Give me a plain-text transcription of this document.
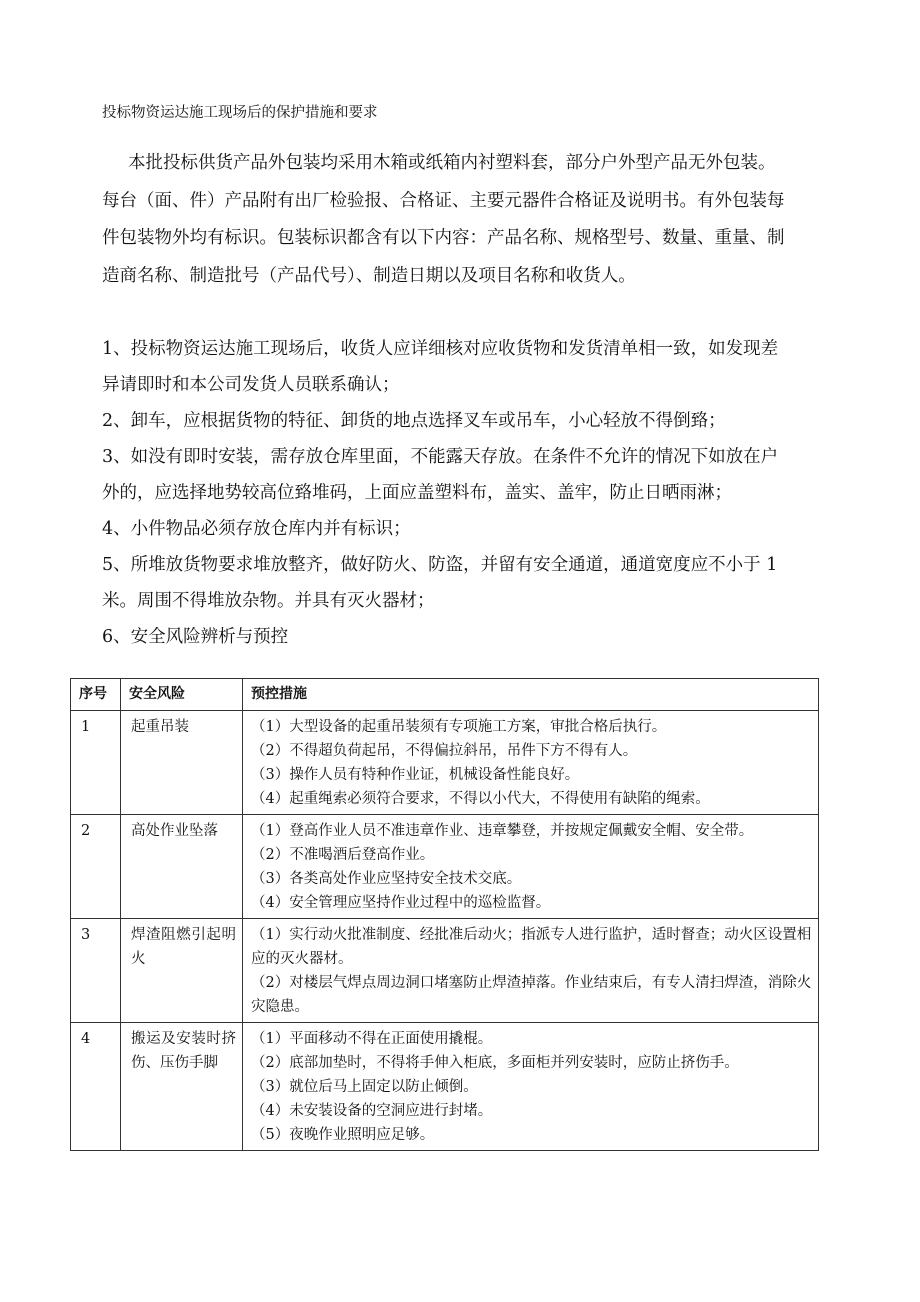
投标物资运达施工现场后的保护措施和要求
本批投标供货产品外包装均采用木箱或纸箱内衬塑料套，部分户外型产品无外包装。
每台（面、件）产品附有出厂检验报、合格证、主要元器件合格证及说明书。有外包装每
件包装物外均有标识。包装标识都含有以下内容：产品名称、规格型号、数量、重量、制
造商名称、制造批号（产品代号）、制造日期以及项目名称和收货人。
1、投标物资运达施工现场后，收货人应详细核对应收货物和发货清单相一致，如发现差
异请即时和本公司发货人员联系确认；
2、卸车，应根据货物的特征、卸货的地点选择叉车或吊车，小心轻放不得倒臵；
3、如没有即时安装，需存放仓库里面，不能露天存放。在条件不允许的情况下如放在户
外的，应选择地势较高位臵堆码，上面应盖塑料布，盖实、盖牢，防止日晒雨淋；
4、小件物品必须存放仓库内并有标识；
5、所堆放货物要求堆放整齐，做好防火、防盗，并留有安全通道，通道宽度应不小于 1
米。周围不得堆放杂物。并具有灭火器材；
6、安全风险辨析与预控
序号	安全风险	预控措施
1	起重吊装	（1）大型设备的起重吊装须有专项施工方案，审批合格后执行。
（2）不得超负荷起吊，不得偏拉斜吊，吊件下方不得有人。
（3）操作人员有特种作业证，机械设备性能良好。
（4）起重绳索必须符合要求，不得以小代大，不得使用有缺陷的绳索。

2	高处作业坠落	（1）登高作业人员不准违章作业、违章攀登，并按规定佩戴安全帽、安全带。
（2）不准喝酒后登高作业。
（3）各类高处作业应坚持安全技术交底。
（4）安全管理应坚持作业过程中的巡检监督。

3	焊渣阻燃引起明火	（1）实行动火批准制度、经批准后动火；指派专人进行监护，适时督查；动火区设置相应的灭火器材。
（2）对楼层气焊点周边洞口堵塞防止焊渣掉落。作业结束后，有专人清扫焊渣，消除火灾隐患。

4	搬运及安装时挤伤、压伤手脚	（1）平面移动不得在正面使用撬棍。
（2）底部加垫时，不得将手伸入柜底，多面柜并列安装时，应防止挤伤手。
（3）就位后马上固定以防止倾倒。
（4）未安装设备的空洞应进行封堵。
（5）夜晚作业照明应足够。
